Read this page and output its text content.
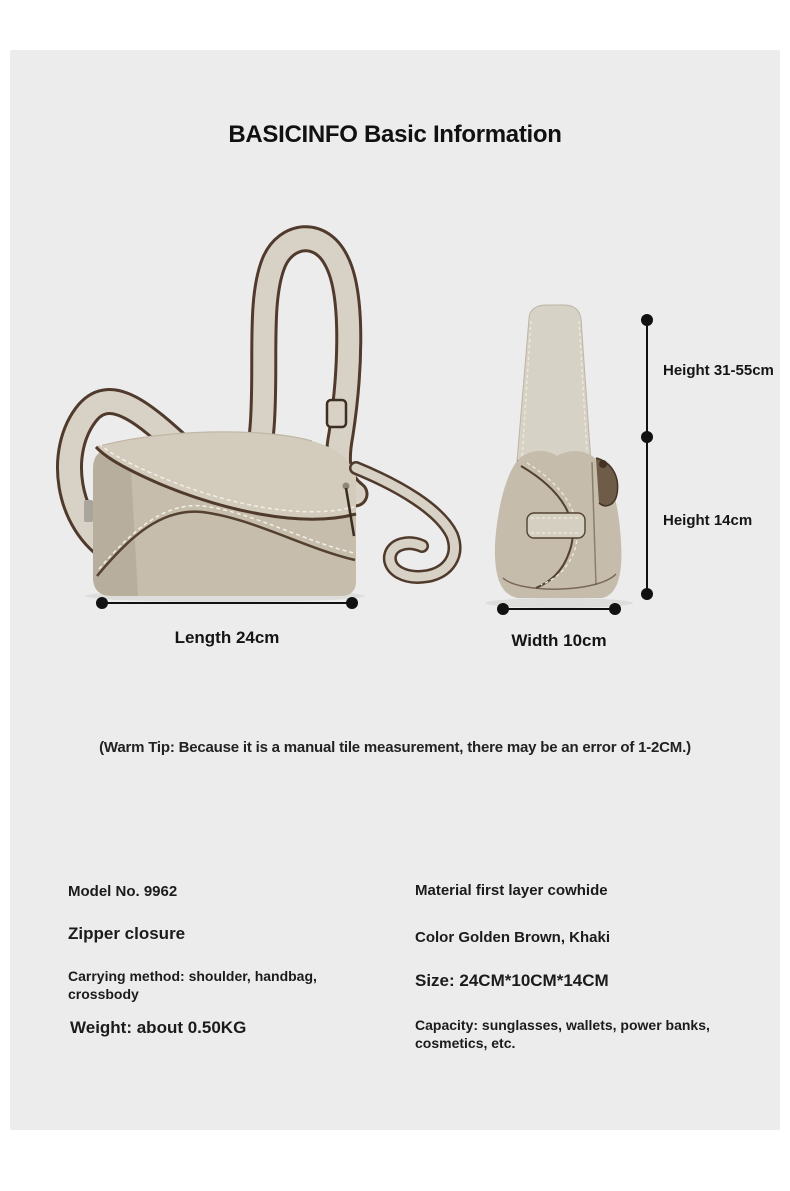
BASICINFO Basic Information
Height 31-55cm
Height 14cm
Length 24cm	Width 10cm
(Warm Tip: Because it is a manual tile measurement, there may be an error of 1-2CM.)
Model No. 9962
Zipper closure
Carrying method: shoulder, handbag, crossbody
Weight: about 0.50KG
Material first layer cowhide
Color Golden Brown, Khaki
Size: 24CM*10CM*14CM
Capacity: sunglasses, wallets, power banks, cosmetics, etc.
